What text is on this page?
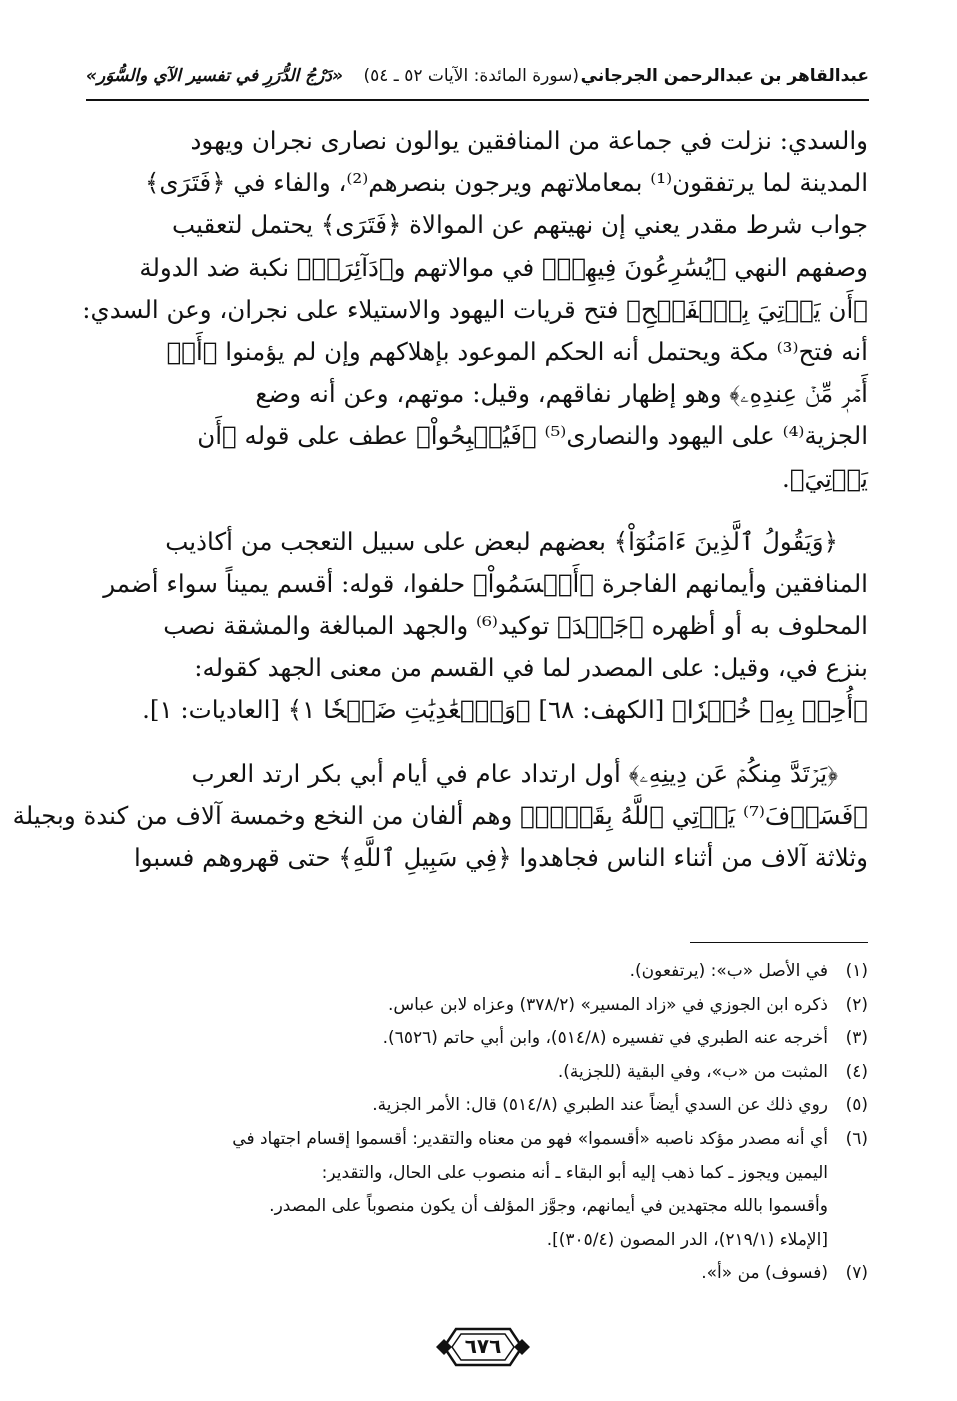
عبدالقاهر بن عبدالرحمن الجرجاني
(سورة المائدة: الآيات ٥٢ ـ ٥٤)
«دَرْجُ الدُّرَرِ في تفسير الآي والسُّوَر»
والسدي: نزلت في جماعة من المنافقين يوالون نصارى نجران ويهود
المدينة لما يرتفقون⁽¹⁾ بمعاملاتهم ويرجون بنصرهم⁽²⁾، والفاء في ﴿فَتَرَى﴾
جواب شرط مقدر يعني إن نهيتهم عن الموالاة ﴿فَتَرَى﴾ يحتمل لتعقيب
وصفهم النهي ﴿يُسَٰرِعُونَ فِيهِمۡ﴾ في موالاتهم و﴿دَآئِرَةٞ﴾ نكبة ضد الدولة
﴿أَن يَأۡتِيَ بِٱلۡفَتۡحِ﴾ فتح قريات اليهود والاستيلاء على نجران، وعن السدي:
أنه فتح⁽³⁾ مكة ويحتمل أنه الحكم الموعود بإهلاكهم وإن لم يؤمنوا ﴿أَوۡ
أَمۡرٖ مِّنۡ عِندِهِۦ﴾ وهو إظهار نفاقهم، وقيل: موتهم، وعن أنه وضع
الجزية⁽⁴⁾ على اليهود والنصارى⁽⁵⁾ ﴿فَيُصۡبِحُواْ﴾ عطف على قوله ﴿أَن
يَأۡتِيَ﴾.
﴿وَيَقُولُ ٱلَّذِينَ ءَامَنُوٓاْ﴾ بعضهم لبعض على سبيل التعجب من أكاذيب
المنافقين وأيمانهم الفاجرة ﴿أَقۡسَمُواْ﴾ حلفوا، قوله: أقسم يميناً سواء أضمر
المحلوف به أو أظهره ﴿جَهۡدَ﴾ توكيد⁽⁶⁾ والجهد المبالغة والمشقة نصب
بنزع في، وقيل: على المصدر لما في القسم من معنى الجهد كقوله:
﴿أُحِطۡ بِهِۦ خُبۡرٗا﴾ [الكهف: ٦٨] ﴿وَٱلۡعَٰدِيَٰتِ ضَبۡحٗا ١﴾ [العاديات: ١].
﴿يَرۡتَدَّ مِنكُمۡ عَن دِينِهِۦ﴾ أول ارتداد عام في أيام أبي بكر ارتد العرب
﴿فَسَوۡفَ⁽⁷⁾ يَأۡتِي ٱللَّهُ بِقَوۡمٖ﴾ وهم ألفان من النخع وخمسة آلاف من كندة وبجيلة
وثلاثة آلاف من أثناء الناس فجاهدوا ﴿فِي سَبِيلِ ٱللَّهِ﴾ حتى قهروهم فسبوا
(١)
في الأصل «ب»: (يرتفعون).
(٢)
ذكره ابن الجوزي في «زاد المسير» (٣٧٨/٢) وعزاه لابن عباس.
(٣)
أخرجه عنه الطبري في تفسيره (٥١٤/٨)، وابن أبي حاتم (٦٥٢٦).
(٤)
المثبت من «ب»، وفي البقية (للجزية).
(٥)
روي ذلك عن السدي أيضاً عند الطبري (٥١٤/٨) قال: الأمر الجزية.
(٦)
أي أنه مصدر مؤكد ناصبه «أقسموا» فهو من معناه والتقدير: أقسموا إقسام اجتهاد في
اليمين ويجوز ـ كما ذهب إليه أبو البقاء ـ أنه منصوب على الحال، والتقدير:
وأقسموا بالله مجتهدين في أيمانهم، وجوَّز المؤلف أن يكون منصوباً على المصدر.
[الإملاء (٢١٩/١)، الدر المصون (٣٠٥/٤)].
(٧)
(فسوف) من «أ».
٦٧٦
